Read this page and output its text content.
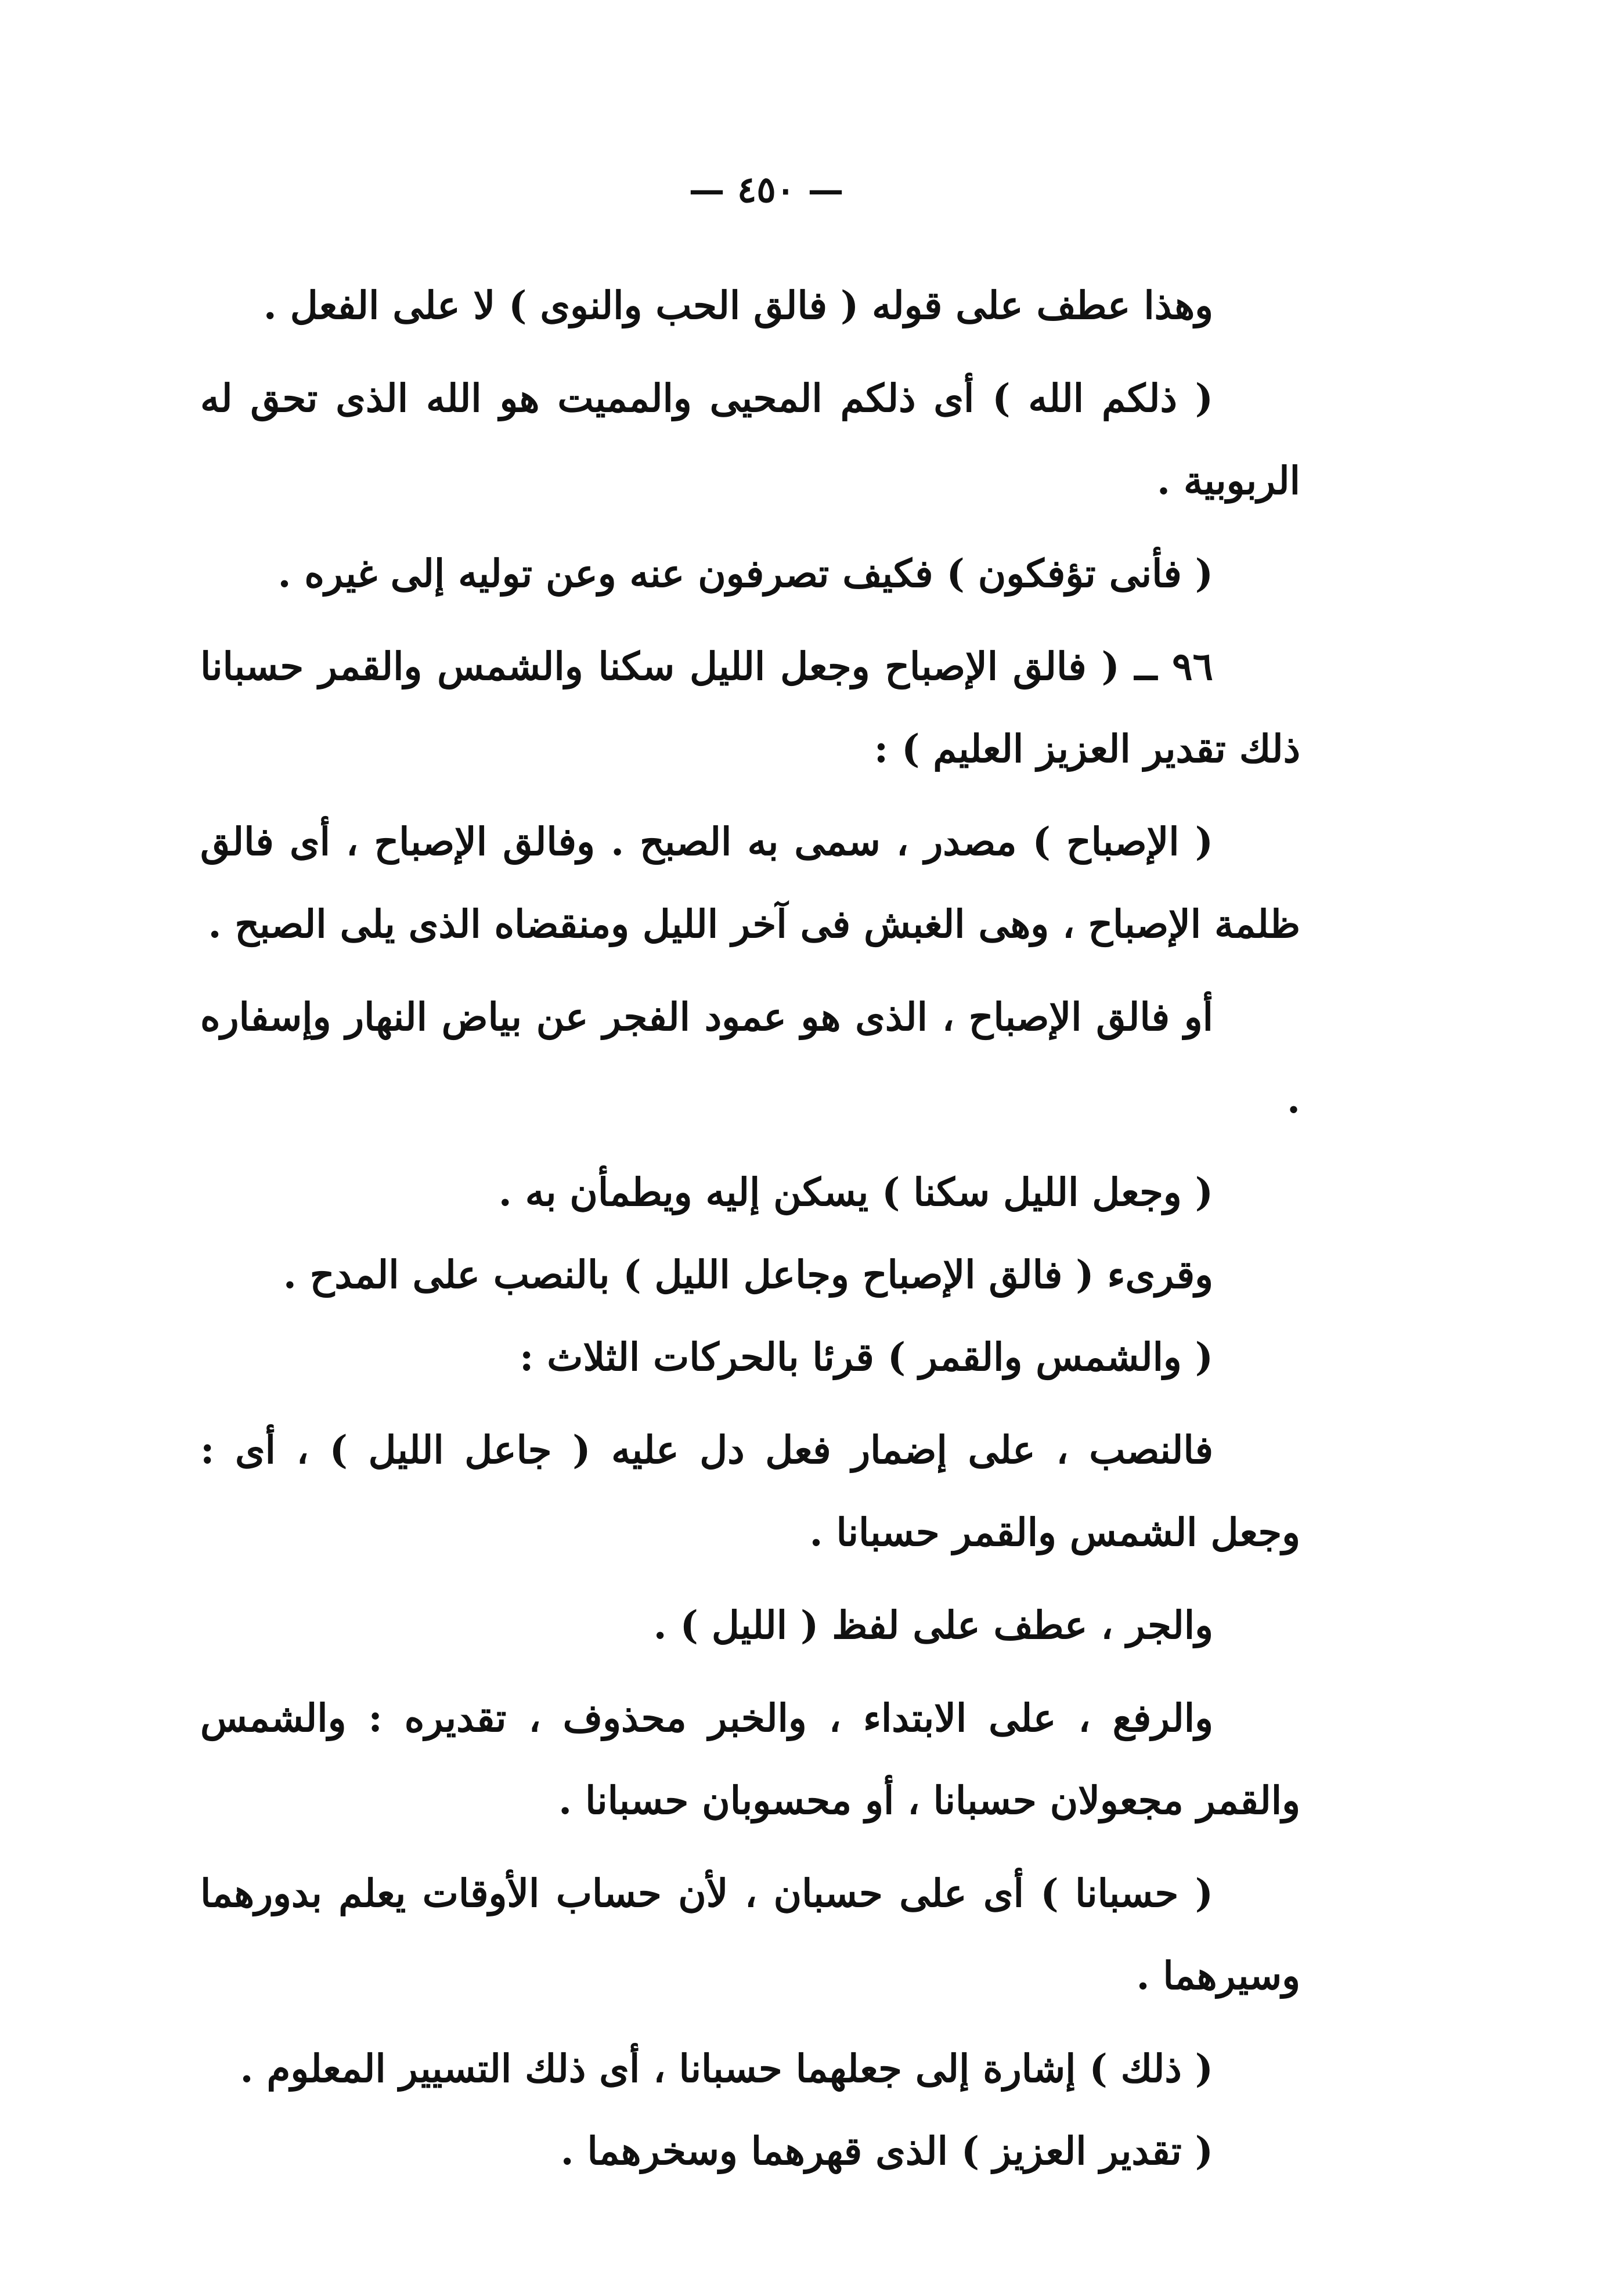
— ٤٥٠ —

وهذا عطف على قوله ( فالق الحب والنوى ) لا على الفعل .

( ذلكم الله ) أى ذلكم المحيى والمميت هو الله الذى تحق له الربوبية .

( فأنى تؤفكون ) فكيف تصرفون عنه وعن توليه إلى غيره .

٩٦ ــ ( فالق الإصباح وجعل الليل سكنا والشمس والقمر حسبانا ذلك تقدير العزيز العليم ) :

( الإصباح ) مصدر ، سمى به الصبح . وفالق الإصباح ، أى فالق ظلمة الإصباح ، وهى الغبش فى آخر الليل ومنقضاه الذى يلى الصبح .

أو فالق الإصباح ، الذى هو عمود الفجر عن بياض النهار وإسفاره .

( وجعل الليل سكنا ) يسكن إليه ويطمأن به .

وقرىء ( فالق الإصباح وجاعل الليل ) بالنصب على المدح .

( والشمس والقمر ) قرئا بالحركات الثلاث :

فالنصب ، على إضمار فعل دل عليه ( جاعل الليل ) ، أى : وجعل الشمس والقمر حسبانا .

والجر ، عطف على لفظ ( الليل ) .

والرفع ، على الابتداء ، والخبر محذوف ، تقديره : والشمس والقمر مجعولان حسبانا ، أو محسوبان حسبانا .

( حسبانا ) أى على حسبان ، لأن حساب الأوقات يعلم بدورهما وسيرهما .

( ذلك ) إشارة إلى جعلهما حسبانا ، أى ذلك التسيير المعلوم .

( تقدير العزيز ) الذى قهرهما وسخرهما .
